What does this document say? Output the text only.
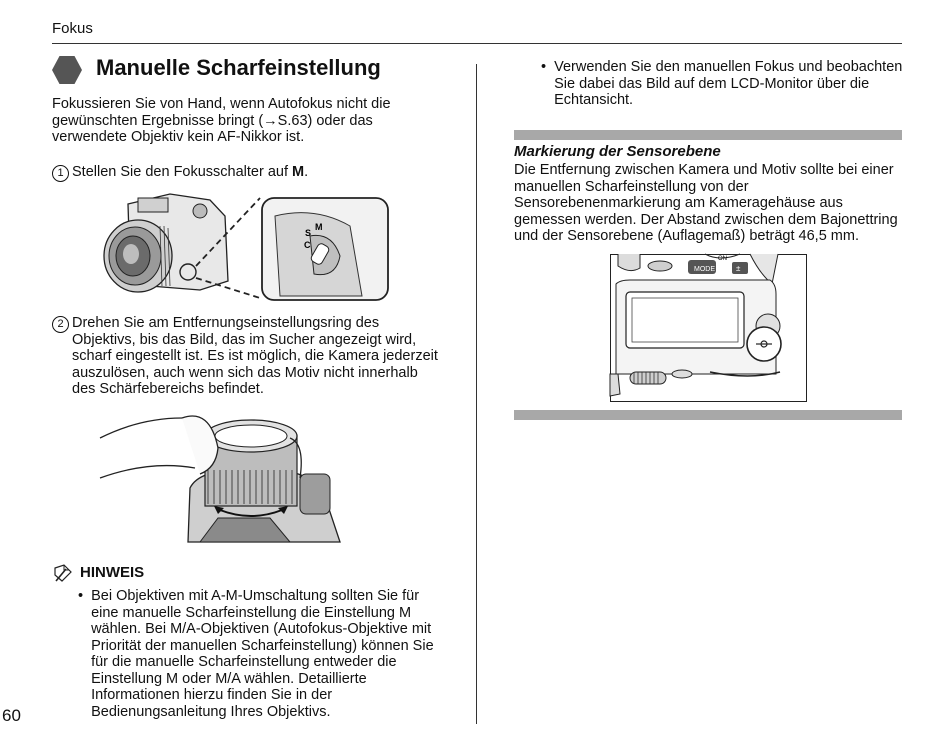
Fokus
Manuelle Scharfeinstellung
Fokussieren Sie von Hand, wenn Autofokus nicht die gewünschten Ergebnisse bringt (→S.63) oder das verwendete Objektiv kein AF-Nikkor ist.
1 Stellen Sie den Fokusschalter auf M.
S
M
C
2 Drehen Sie am Entfernungseinstellungsring des Objektivs, bis das Bild, das im Sucher angezeigt wird, scharf eingestellt ist. Es ist möglich, die Kamera jederzeit auszulösen, auch wenn sich das Motiv nicht innerhalb des Schärfebereichs befindet.
HINWEIS
• Bei Objektiven mit A-M-Umschaltung sollten Sie für eine manuelle Scharfeinstellung die Einstellung M wählen. Bei M/A-Objektiven (Autofokus-Objektive mit Priorität der manuellen Scharfeinstellung) können Sie für die manuelle Scharfeinstellung entweder die Einstellung M oder M/A wählen. Detaillierte Informationen hierzu finden Sie in der Bedienungsanleitung Ihres Objektivs.
60
• Verwenden Sie den manuellen Fokus und beobachten Sie dabei das Bild auf dem LCD-Monitor über die Echtansicht.
Markierung der Sensorebene
Die Entfernung zwischen Kamera und Motiv sollte bei einer manuellen Scharfeinstellung von der Sensorebenenmarkierung am Kameragehäuse aus gemessen werden. Der Abstand zwischen dem Bajonettring und der Sensorebene (Auflagemaß) beträgt 46,5 mm.
MODE
ON
±
